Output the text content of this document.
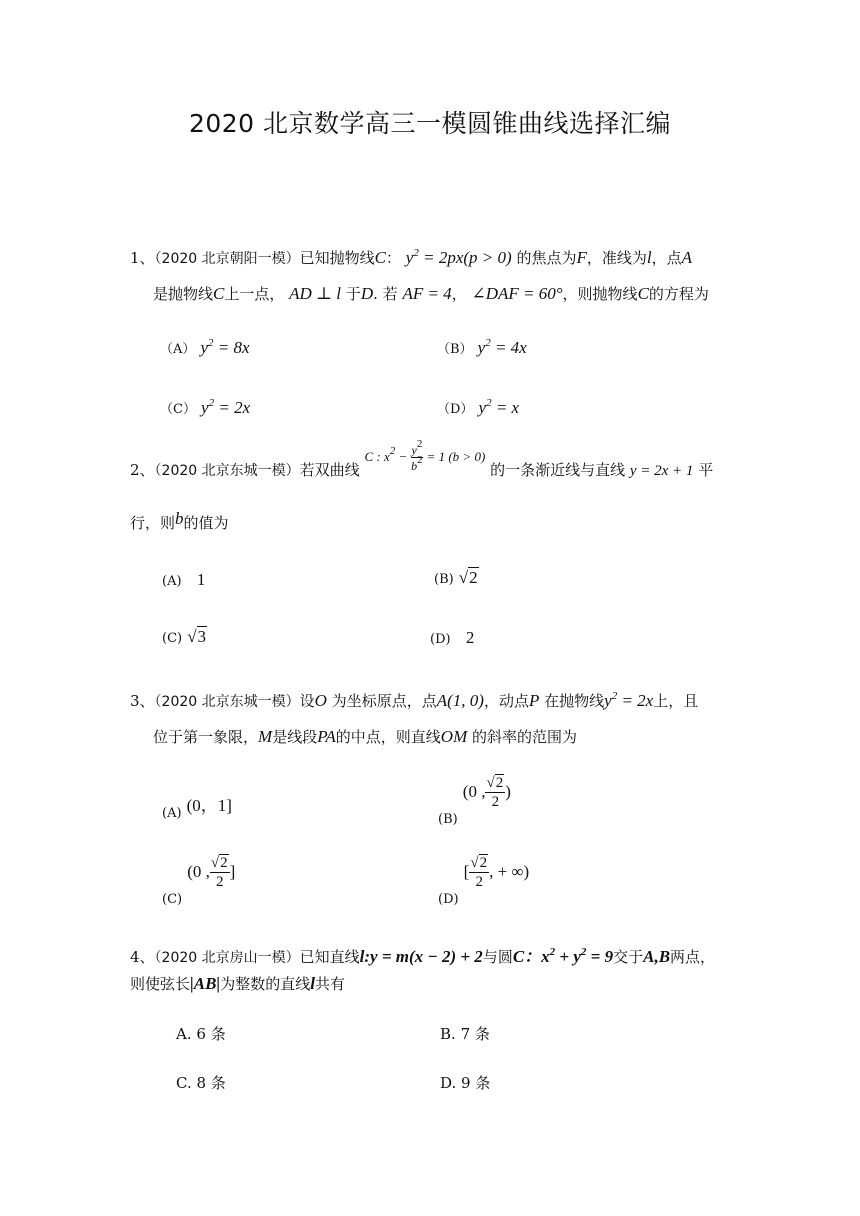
2020 北京数学高三一模圆锥曲线选择汇编
1、（2020 北京朝阳一模）已知抛物线C： $y^2 = 2px(p > 0)$ 的焦点为F，准线为l，点A
是抛物线C上一点， AD ⊥ l 于D. 若 AF = 4， ∠DAF = 60°，则抛物线C的方程为
（A） $y^2 = 8x$	（B） $y^2 = 4x$
（C） $y^2 = 2x$	（D） $y^2 = x$
2、（2020 北京东城一模）若双曲线 C : $x^2 - \frac{y^2}{b^2} = 1$ (b > 0) 的一条渐近线与直线 y = 2x + 1 平
行，则b的值为
(A) 1	(B) √2
(C) √3	(D) 2
3、（2020 北京东城一模）设O 为坐标原点，点A(1, 0)，动点P 在抛物线$y^2 = 2x$上，且
位于第一象限，M是线段PA的中点，则直线OM 的斜率的范围为
(A) (0，1]
$_{(B)}$ (0 , $\frac{√2}{2}$ )
$_{(C)}$ (0 , $\frac{√2}{2}$ ]
$_{(D)}$ [ $\frac{√2}{2}$ , + ∞)
4、（2020 北京房山一模）已知直线l:y = m(x − 2) + 2与圆C：$x^2 + y^2 = 9$交于A,B两点，
则使弦长|AB|为整数的直线l共有
A. 6 条	B. 7 条
C. 8 条	D. 9 条
